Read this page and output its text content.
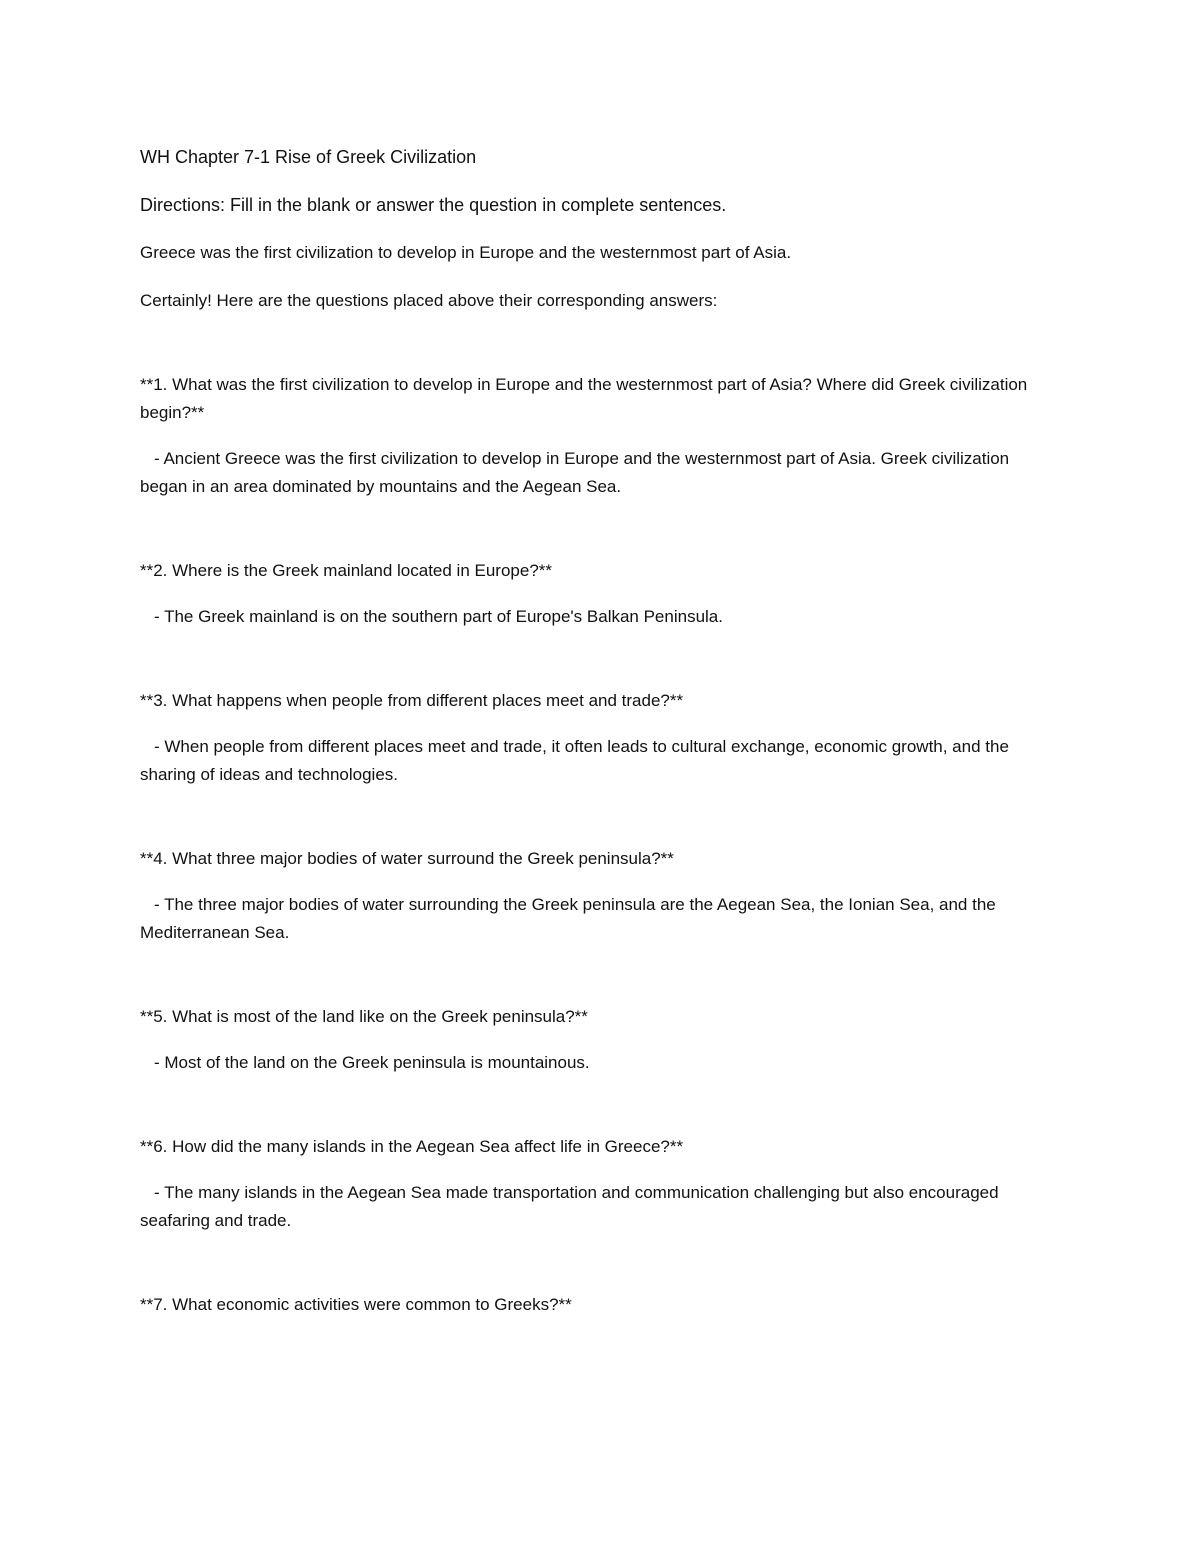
WH Chapter 7-1 Rise of Greek Civilization

Directions: Fill in the blank or answer the question in complete sentences.

Greece was the first civilization to develop in Europe and the westernmost part of Asia.

Certainly! Here are the questions placed above their corresponding answers:

**1. What was the first civilization to develop in Europe and the westernmost part of Asia? Where did Greek civilization begin?**

- Ancient Greece was the first civilization to develop in Europe and the westernmost part of Asia. Greek civilization began in an area dominated by mountains and the Aegean Sea.

**2. Where is the Greek mainland located in Europe?**

- The Greek mainland is on the southern part of Europe's Balkan Peninsula.

**3. What happens when people from different places meet and trade?**

- When people from different places meet and trade, it often leads to cultural exchange, economic growth, and the sharing of ideas and technologies.

**4. What three major bodies of water surround the Greek peninsula?**

- The three major bodies of water surrounding the Greek peninsula are the Aegean Sea, the Ionian Sea, and the Mediterranean Sea.

**5. What is most of the land like on the Greek peninsula?**

- Most of the land on the Greek peninsula is mountainous.

**6. How did the many islands in the Aegean Sea affect life in Greece?**

- The many islands in the Aegean Sea made transportation and communication challenging but also encouraged seafaring and trade.

**7. What economic activities were common to Greeks?**
